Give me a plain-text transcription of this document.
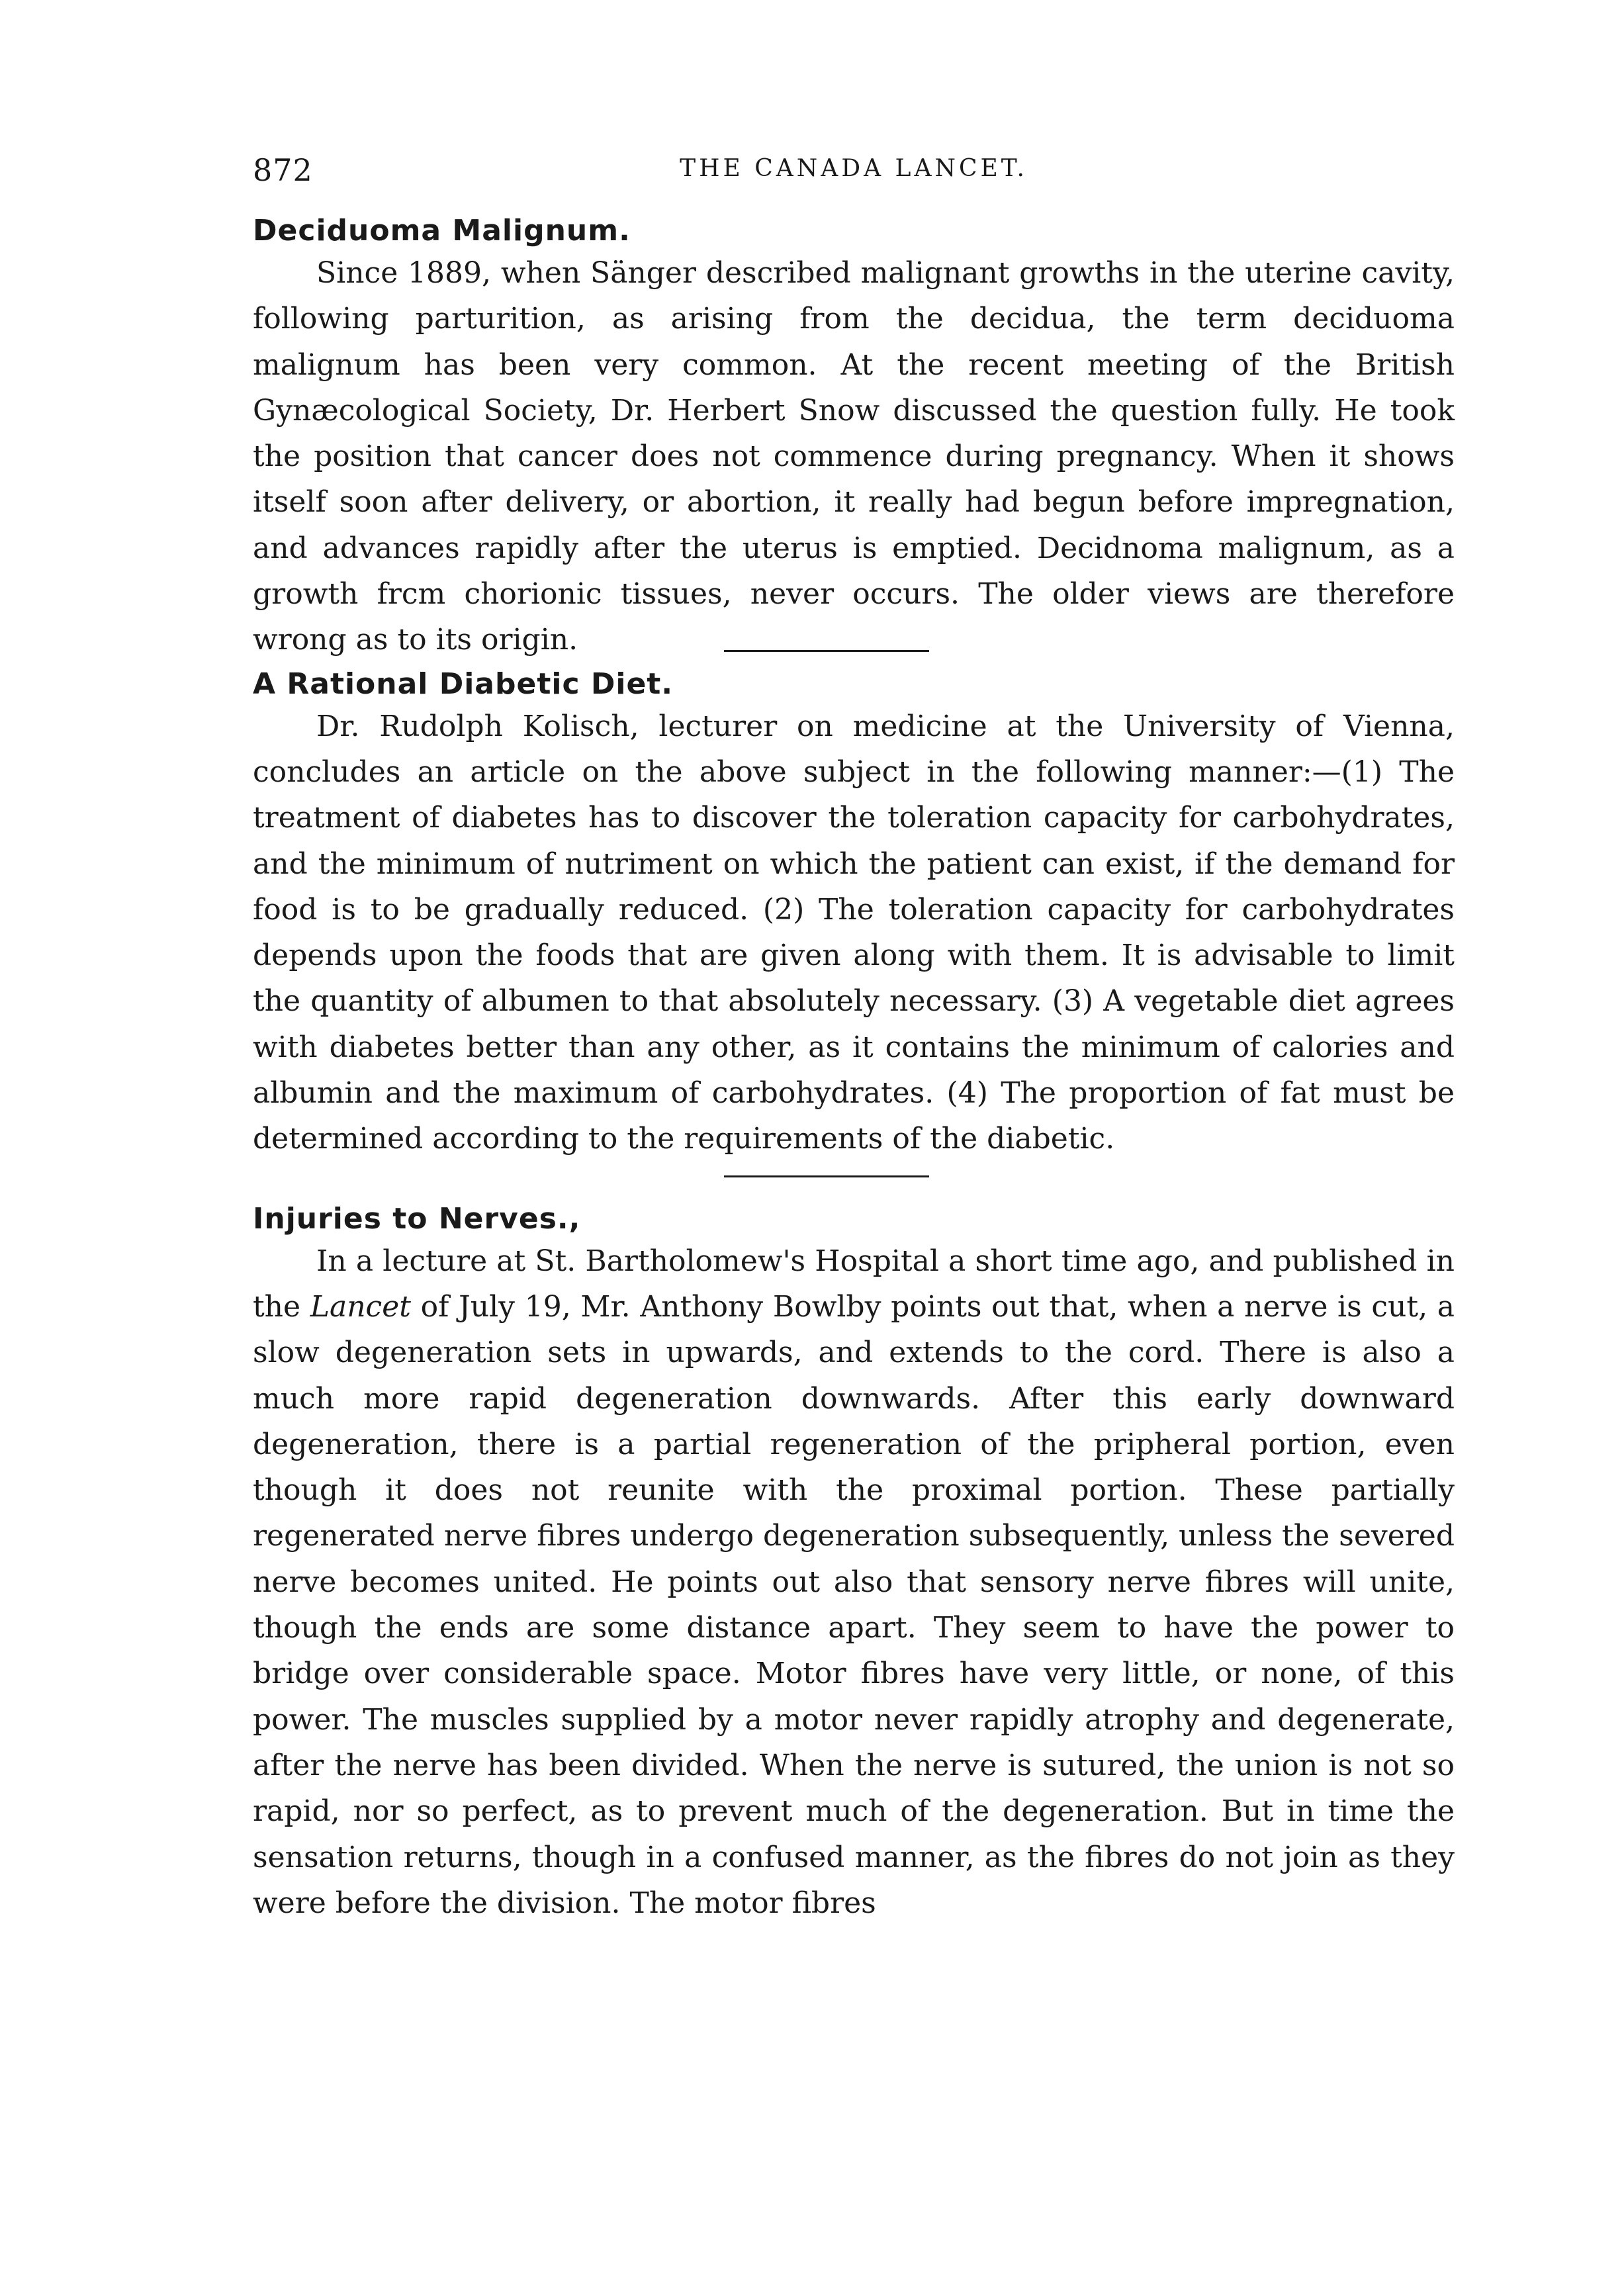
872	THE CANADA LANCET.
Deciduoma Malignum.

Since 1889, when Sänger described malignant growths in the uterine cavity, following parturition, as arising from the decidua, the term deciduoma malignum has been very common. At the recent meeting of the British Gynæcological Society, Dr. Herbert Snow discussed the question fully. He took the position that cancer does not commence during pregnancy. When it shows itself soon after delivery, or abortion, it really had begun before impregnation, and advances rapidly after the uterus is emptied. Decidnoma malignum, as a growth frcm chorionic tissues, never occurs. The older views are therefore wrong as to its origin.

A Rational Diabetic Diet.

Dr. Rudolph Kolisch, lecturer on medicine at the University of Vienna, concludes an article on the above subject in the following manner:—(1) The treatment of diabetes has to discover the toleration capacity for carbohydrates, and the minimum of nutriment on which the patient can exist, if the demand for food is to be gradually reduced. (2) The toleration capacity for carbohydrates depends upon the foods that are given along with them. It is advisable to limit the quantity of albumen to that absolutely necessary. (3) A vegetable diet agrees with diabetes better than any other, as it contains the minimum of calories and albumin and the maximum of carbohydrates. (4) The proportion of fat must be determined according to the requirements of the diabetic.

Injuries to Nerves.,

In a lecture at St. Bartholomew's Hospital a short time ago, and published in the Lancet of July 19, Mr. Anthony Bowlby points out that, when a nerve is cut, a slow degeneration sets in upwards, and extends to the cord. There is also a much more rapid degeneration downwards. After this early downward degeneration, there is a partial regeneration of the pripheral portion, even though it does not reunite with the proximal portion. These partially regenerated nerve fibres undergo degeneration subsequently, unless the severed nerve becomes united. He points out also that sensory nerve fibres will unite, though the ends are some distance apart. They seem to have the power to bridge over considerable space. Motor fibres have very little, or none, of this power. The muscles supplied by a motor never rapidly atrophy and degenerate, after the nerve has been divided. When the nerve is sutured, the union is not so rapid, nor so perfect, as to prevent much of the degeneration. But in time the sensation returns, though in a confused manner, as the fibres do not join as they were before the division. The motor fibres
